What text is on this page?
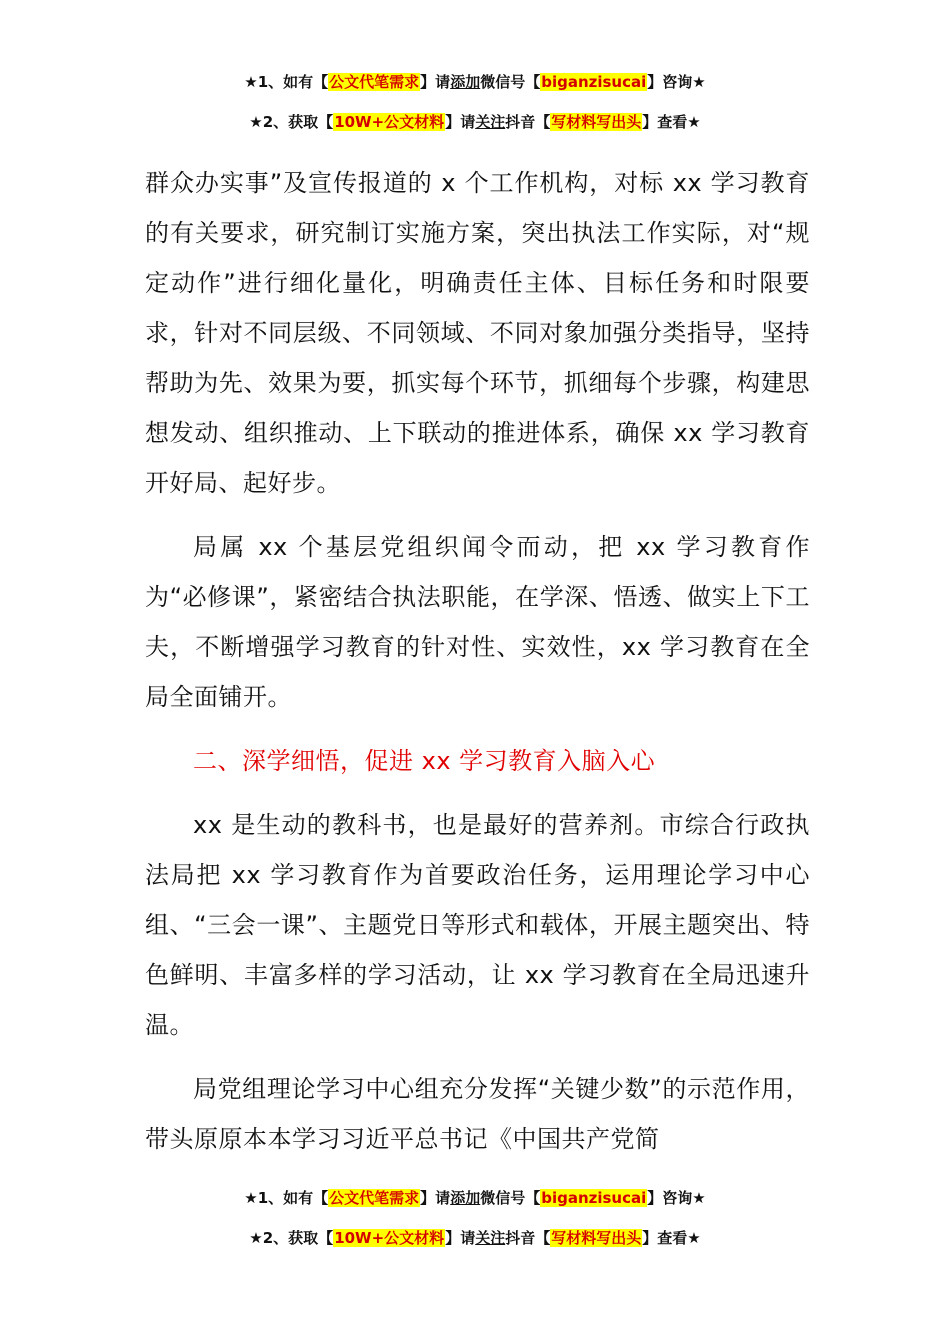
★1、如有【公文代笔需求】请添加微信号【biganzisucai】咨询★
★2、获取【10W+公文材料】请关注抖音【写材料写出头】查看★

群众办实事”及宣传报道的 x 个工作机构，对标 xx 学习教育的有关要求，研究制订实施方案，突出执法工作实际，对“规定动作”进行细化量化，明确责任主体、目标任务和时限要求，针对不同层级、不同领域、不同对象加强分类指导，坚持帮助为先、效果为要，抓实每个环节，抓细每个步骤，构建思想发动、组织推动、上下联动的推进体系，确保 xx 学习教育开好局、起好步。

局属 xx 个基层党组织闻令而动，把 xx 学习教育作为“必修课”，紧密结合执法职能，在学深、悟透、做实上下工夫，不断增强学习教育的针对性、实效性，xx 学习教育在全局全面铺开。

二、深学细悟，促进 xx 学习教育入脑入心

xx 是生动的教科书，也是最好的营养剂。市综合行政执法局把 xx 学习教育作为首要政治任务，运用理论学习中心组、“三会一课”、主题党日等形式和载体，开展主题突出、特色鲜明、丰富多样的学习活动，让 xx 学习教育在全局迅速升温。

局党组理论学习中心组充分发挥“关键少数”的示范作用，带头原原本本学习习近平总书记《中国共产党简

★1、如有【公文代笔需求】请添加微信号【biganzisucai】咨询★
★2、获取【10W+公文材料】请关注抖音【写材料写出头】查看★
